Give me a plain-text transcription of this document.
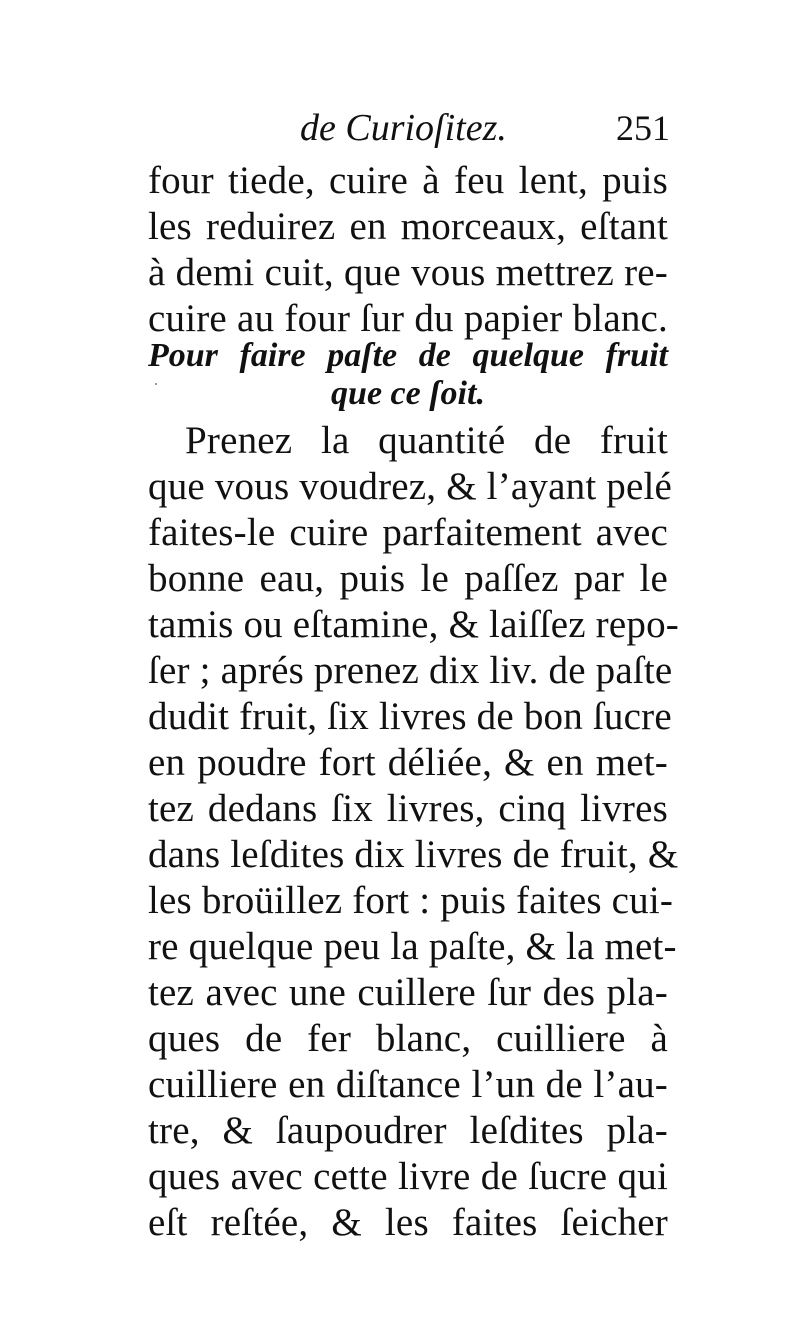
de Curioſitez.	251
four tiede, cuire à feu lent, puis
les reduirez en morceaux, eſtant
à demi cuit, que vous mettrez re-
cuire au four ſur du papier blanc.
Pour faire paſte de quelque fruit
que ce ſoit.
Prenez la quantité de fruit
que vous voudrez, & l’ayant pelé
faites-le cuire parfaitement avec
bonne eau, puis le paſſez par le
tamis ou eſtamine, & laiſſez repo-
ſer ; aprés prenez dix liv. de paſte
dudit fruit, ſix livres de bon ſucre
en poudre fort déliée, & en met-
tez dedans ſix livres, cinq livres
dans leſdites dix livres de fruit, &
les broüillez fort : puis faites cui-
re quelque peu la paſte, & la met-
tez avec une cuillere ſur des pla-
ques de fer blanc, cuilliere à
cuilliere en diſtance l’un de l’au-
tre, & ſaupoudrer leſdites pla-
ques avec cette livre de ſucre qui
eſt reſtée, & les faites ſeicher
